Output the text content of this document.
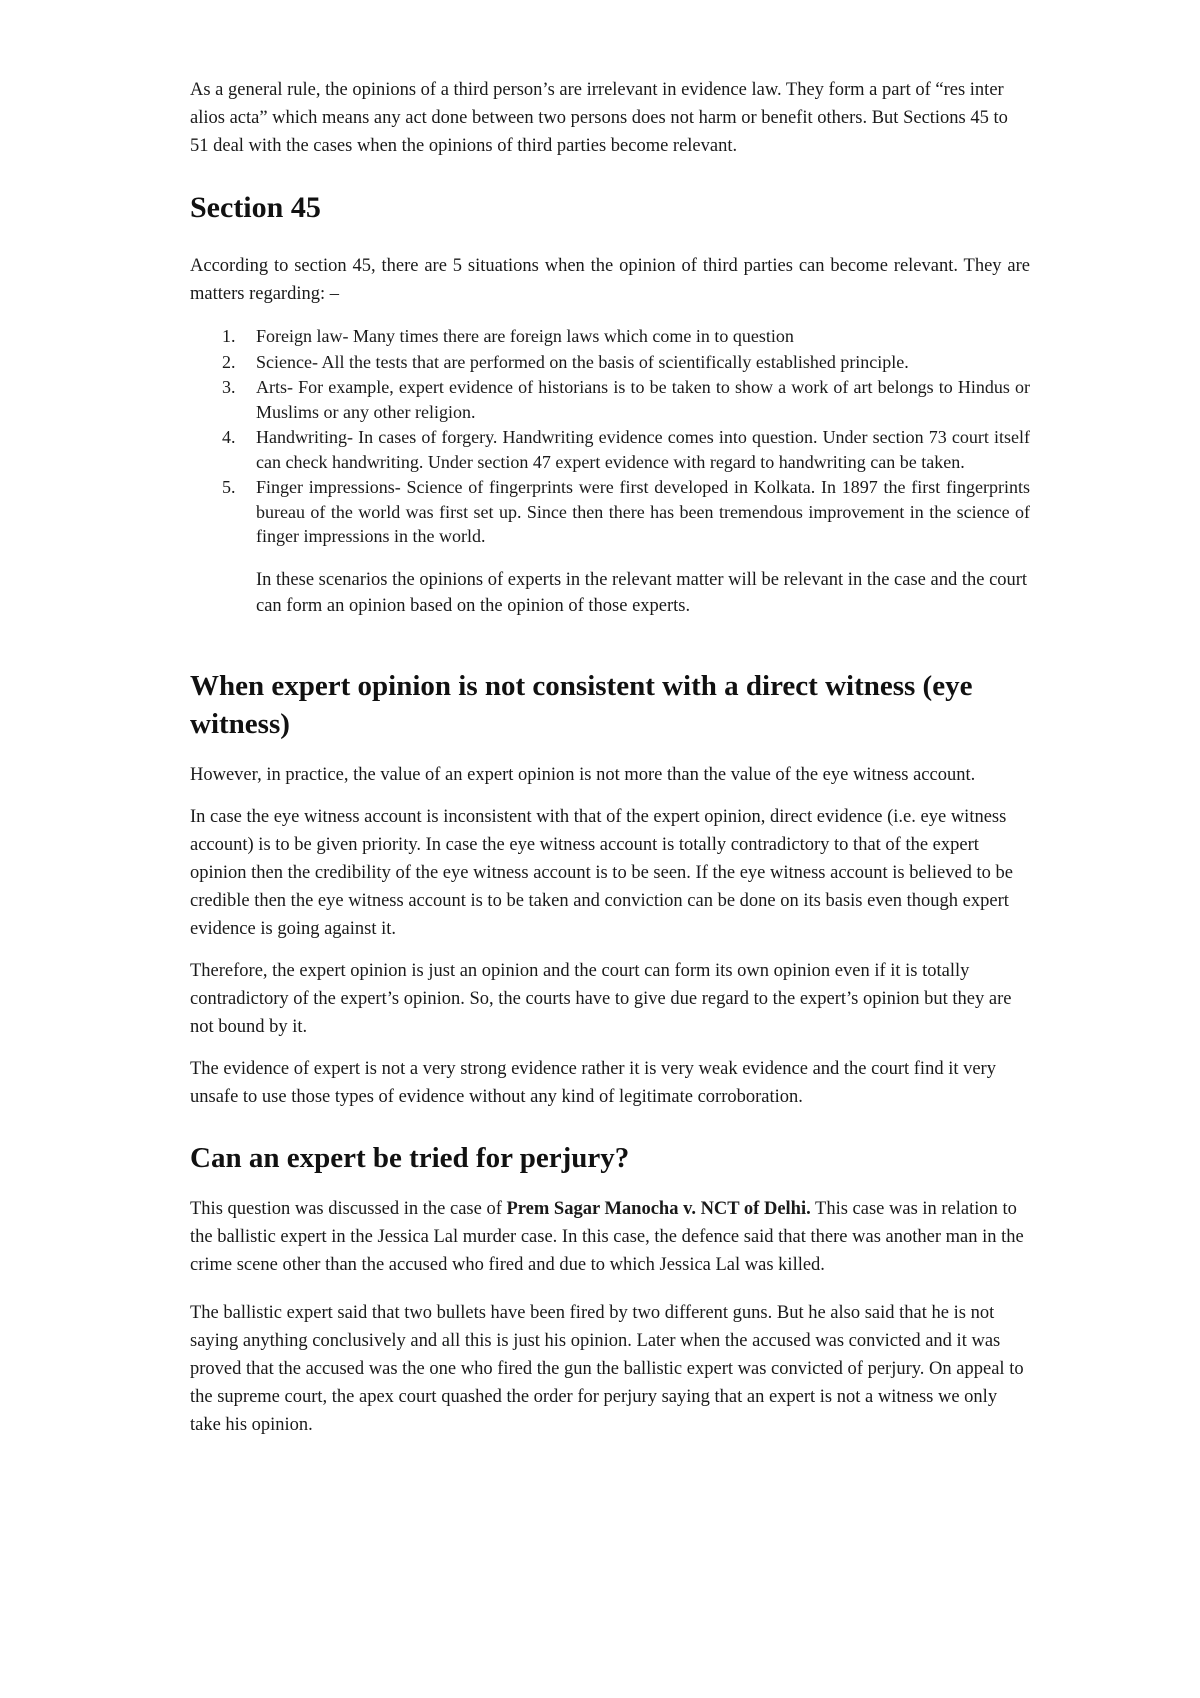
As a general rule, the opinions of a third person’s are irrelevant in evidence law. They form a part of “res inter alios acta” which means any act done between two persons does not harm or benefit others. But Sections 45 to 51 deal with the cases when the opinions of third parties become relevant.

Section 45

According to section 45, there are 5 situations when the opinion of third parties can become relevant. They are matters regarding: –

1.	Foreign law- Many times there are foreign laws which come in to question
2.	Science- All the tests that are performed on the basis of scientifically established principle.
3.	Arts- For example, expert evidence of historians is to be taken to show a work of art belongs to Hindus or Muslims or any other religion.
4.	Handwriting- In cases of forgery. Handwriting evidence comes into question. Under section 73 court itself can check handwriting. Under section 47 expert evidence with regard to handwriting can be taken.
5.	Finger impressions- Science of fingerprints were first developed in Kolkata. In 1897 the first fingerprints bureau of the world was first set up. Since then there has been tremendous improvement in the science of finger impressions in the world.

In these scenarios the opinions of experts in the relevant matter will be relevant in the case and the court can form an opinion based on the opinion of those experts.

When expert opinion is not consistent with a direct witness (eye witness)

However, in practice, the value of an expert opinion is not more than the value of the eye witness account.

In case the eye witness account is inconsistent with that of the expert opinion, direct evidence (i.e. eye witness account) is to be given priority. In case the eye witness account is totally contradictory to that of the expert opinion then the credibility of the eye witness account is to be seen. If the eye witness account is believed to be credible then the eye witness account is to be taken and conviction can be done on its basis even though expert evidence is going against it.

Therefore, the expert opinion is just an opinion and the court can form its own opinion even if it is totally contradictory of the expert’s opinion. So, the courts have to give due regard to the expert’s opinion but they are not bound by it.

The evidence of expert is not a very strong evidence rather it is very weak evidence and the court find it very unsafe to use those types of evidence without any kind of legitimate corroboration.

Can an expert be tried for perjury?

This question was discussed in the case of Prem Sagar Manocha v. NCT of Delhi. This case was in relation to the ballistic expert in the Jessica Lal murder case. In this case, the defence said that there was another man in the crime scene other than the accused who fired and due to which Jessica Lal was killed.

The ballistic expert said that two bullets have been fired by two different guns. But he also said that he is not saying anything conclusively and all this is just his opinion. Later when the accused was convicted and it was proved that the accused was the one who fired the gun the ballistic expert was convicted of perjury. On appeal to the supreme court, the apex court quashed the order for perjury saying that an expert is not a witness we only take his opinion.
